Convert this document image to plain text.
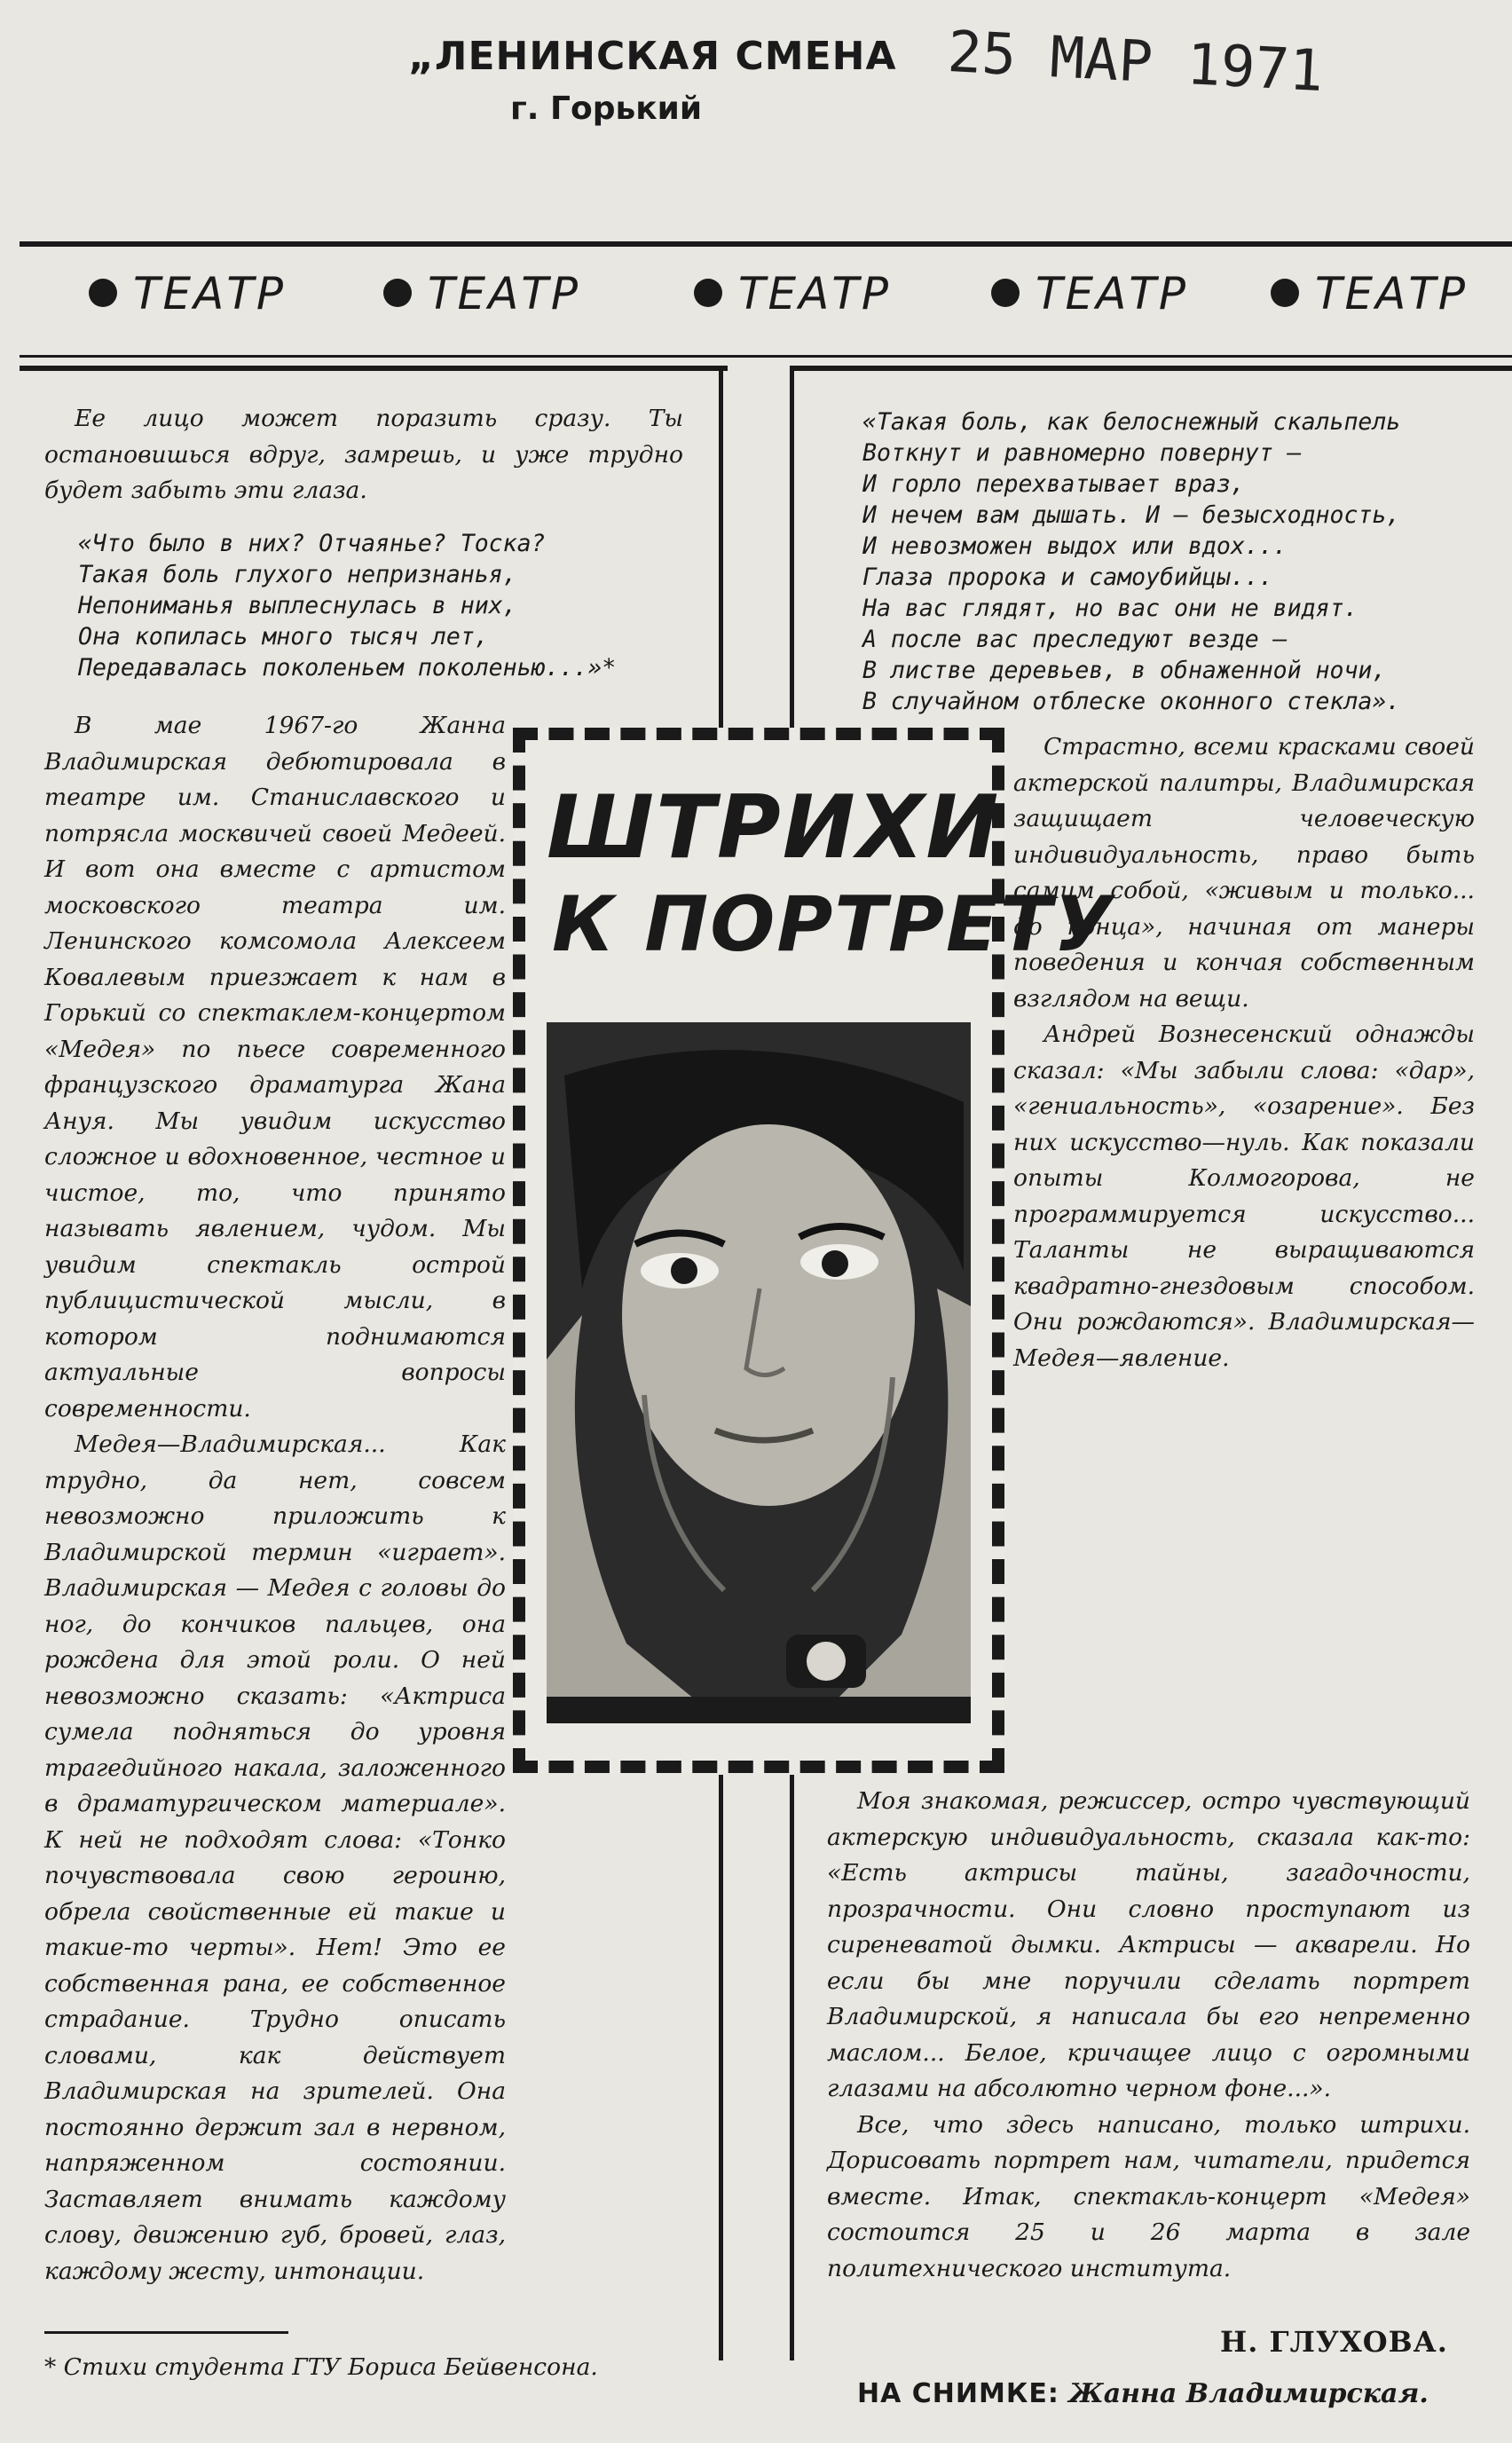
„ЛЕНИНСКАЯ СМЕНА
г. Горький
25 МАР 1971
ТЕАТР	ТЕАТР	ТЕАТР	ТЕАТР	ТЕАТР

Ее лицо может поразить сразу. Ты остановишься вдруг, замрешь, и уже трудно будет забыть эти глаза.

«Что было в них? Отчаянье? Тоска?
Такая боль глухого непризнанья,
Непониманья выплеснулась в них,
Она копилась много тысяч лет,
Передавалась поколеньем поколенью...»*

В мае 1967-го Жанна Владимирская дебютировала в театре им. Станиславского и потрясла москвичей своей Медеей. И вот она вместе с артистом московского театра им. Ленинского комсомола Алексеем Ковалевым приезжает к нам в Горький со спектаклем-концертом «Медея» по пьесе современного французского драматурга Жана Ануя. Мы увидим искусство сложное и вдохновенное, честное и чистое, то, что принято называть явлением, чудом. Мы увидим спектакль острой публицистической мысли, в котором поднимаются актуальные вопросы современности.

Медея—Владимирская... Как трудно, да нет, совсем невозможно приложить к Владимирской термин «играет». Владимирская — Медея с головы до ног, до кончиков пальцев, она рождена для этой роли. О ней невозможно сказать: «Актриса сумела подняться до уровня трагедийного накала, заложенного в драматургическом материале». К ней не подходят слова: «Тонко почувствовала свою героиню, обрела свойственные ей такие и такие-то черты». Нет! Это ее собственная рана, ее собственное страдание. Трудно описать словами, как действует Владимирская на зрителей. Она постоянно держит зал в нервном, напряженном состоянии. Заставляет внимать каждому слову, движению губ, бровей, глаз, каждому жесту, интонации.

«Такая боль, как белоснежный скальпель
Воткнут и равномерно повернут —
И горло перехватывает враз,
И нечем вам дышать. И — безысходность,
И невозможен выдох или вдох...
Глаза пророка и самоубийцы...
На вас глядят, но вас они не видят.
А после вас преследуют везде —
В листве деревьев, в обнаженной ночи,
В случайном отблеске оконного стекла».

Страстно, всеми красками своей актерской палитры, Владимирская защищает человеческую индивидуальность, право быть самим собой, «живым и только... до конца», начиная от манеры поведения и кончая собственным взглядом на вещи.

Андрей Вознесенский однажды сказал: «Мы забыли слова: «дар», «гениальность», «озарение». Без них искусство—нуль. Как показали опыты Колмогорова, не программируется искусство... Таланты не выращиваются квадратно-гнездовым способом. Они рождаются». Владимирская—Медея—явление.

Моя знакомая, режиссер, остро чувствующий актерскую индивидуальность, сказала как-то: «Есть актрисы тайны, загадочности, прозрачности. Они словно проступают из сиреневатой дымки. Актрисы — акварели. Но если бы мне поручили сделать портрет Владимирской, я написала бы его непременно маслом... Белое, кричащее лицо с огромными глазами на абсолютно черном фоне...».

Все, что здесь написано, только штрихи. Дорисовать портрет нам, читатели, придется вместе. Итак, спектакль-концерт «Медея» состоится 25 и 26 марта в зале политехнического института.

ШТРИХИ
К ПОРТРЕТУ
* Стихи студента ГТУ Бориса Бейвенсона.
Н. ГЛУХОВА.
НА СНИМКЕ: Жанна Владимирская.
